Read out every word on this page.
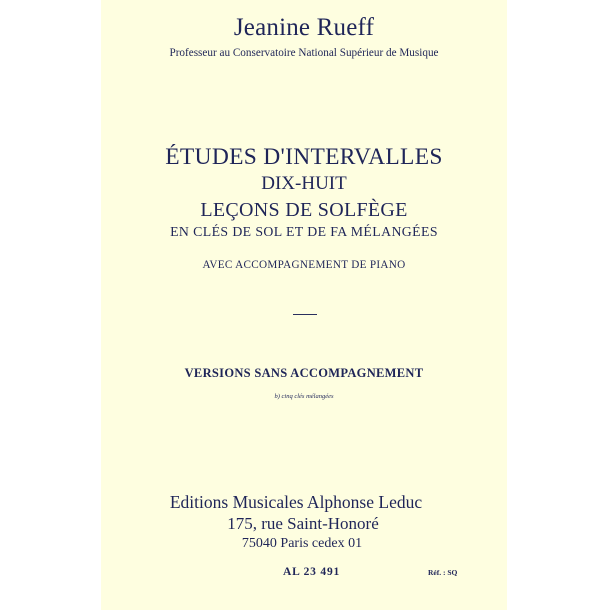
Jeanine Rueff
Professeur au Conservatoire National Supérieur de Musique
ÉTUDES D'INTERVALLES
DIX-HUIT
LEÇONS DE SOLFÈGE
EN CLÉS DE SOL ET DE FA MÉLANGÉES
AVEC ACCOMPAGNEMENT DE PIANO
VERSIONS SANS ACCOMPAGNEMENT
b) cinq clés mélangées
Editions Musicales Alphonse Leduc
175, rue Saint-Honoré
75040 Paris cedex 01
AL 23 491	Réf. : SQ
